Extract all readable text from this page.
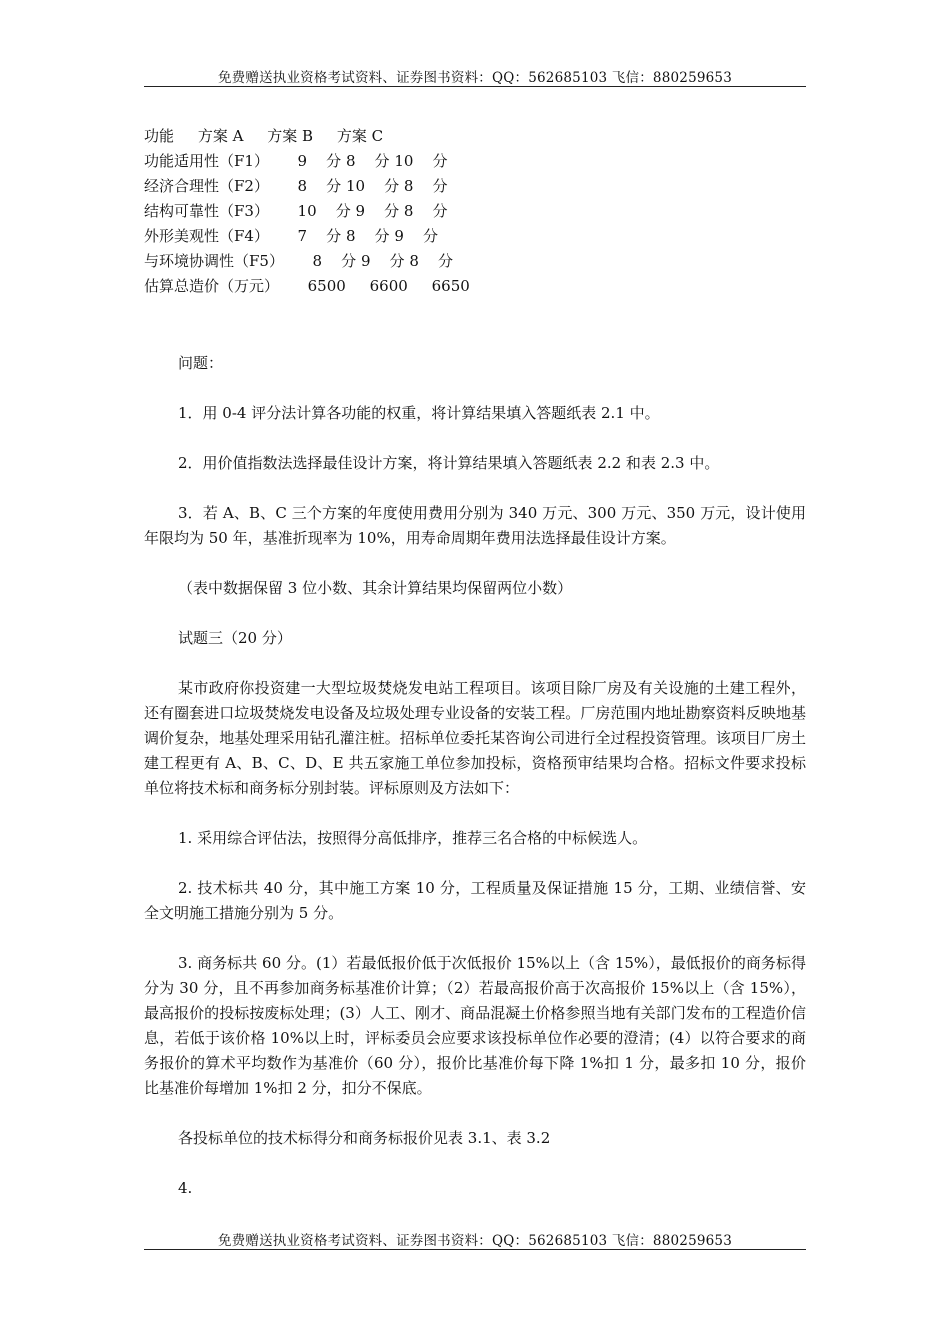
免费赠送执业资格考试资料、证券图书资料：QQ：562685103 飞信：880259653
功能     方案 A     方案 B     方案 C
功能适用性（F1）      9    分 8    分 10    分
经济合理性（F2）      8    分 10    分 8    分
结构可靠性（F3）      10    分 9    分 8    分
外形美观性（F4）      7    分 8    分 9    分
与环境协调性（F5）      8    分 9    分 8    分
估算总造价（万元）      6500     6600     6650

问题：

1．用 0-4 评分法计算各功能的权重，将计算结果填入答题纸表 2.1 中。

2．用价值指数法选择最佳设计方案，将计算结果填入答题纸表 2.2 和表 2.3 中。

3．若 A、B、C 三个方案的年度使用费用分别为 340 万元、300 万元、350 万元，设计使用年限均为 50 年，基准折现率为 10%，用寿命周期年费用法选择最佳设计方案。

（表中数据保留 3 位小数、其余计算结果均保留两位小数）

试题三（20 分）

某市政府你投资建一大型垃圾焚烧发电站工程项目。该项目除厂房及有关设施的土建工程外，还有圈套进口垃圾焚烧发电设备及垃圾处理专业设备的安装工程。厂房范围内地址勘察资料反映地基调价复杂，地基处理采用钻孔灌注桩。招标单位委托某咨询公司进行全过程投资管理。该项目厂房土建工程更有 A、B、C、D、E 共五家施工单位参加投标，资格预审结果均合格。招标文件要求投标单位将技术标和商务标分别封装。评标原则及方法如下：

1. 采用综合评估法，按照得分高低排序，推荐三名合格的中标候选人。

2. 技术标共 40 分，其中施工方案 10 分，工程质量及保证措施 15 分，工期、业绩信誉、安全文明施工措施分别为 5 分。

3. 商务标共 60 分。(1）若最低报价低于次低报价 15%以上（含 15%），最低报价的商务标得分为 30 分，且不再参加商务标基准价计算；（2）若最高报价高于次高报价 15%以上（含 15%），最高报价的投标按废标处理；(3）人工、刚才、商品混凝土价格参照当地有关部门发布的工程造价信息，若低于该价格 10%以上时，评标委员会应要求该投标单位作必要的澄清；(4）以符合要求的商务报价的算术平均数作为基准价（60 分），报价比基准价每下降 1%扣 1 分，最多扣 10 分，报价比基准价每增加 1%扣 2 分，扣分不保底。

各投标单位的技术标得分和商务标报价见表 3.1、表 3.2

4.

免费赠送执业资格考试资料、证券图书资料：QQ：562685103 飞信：880259653
